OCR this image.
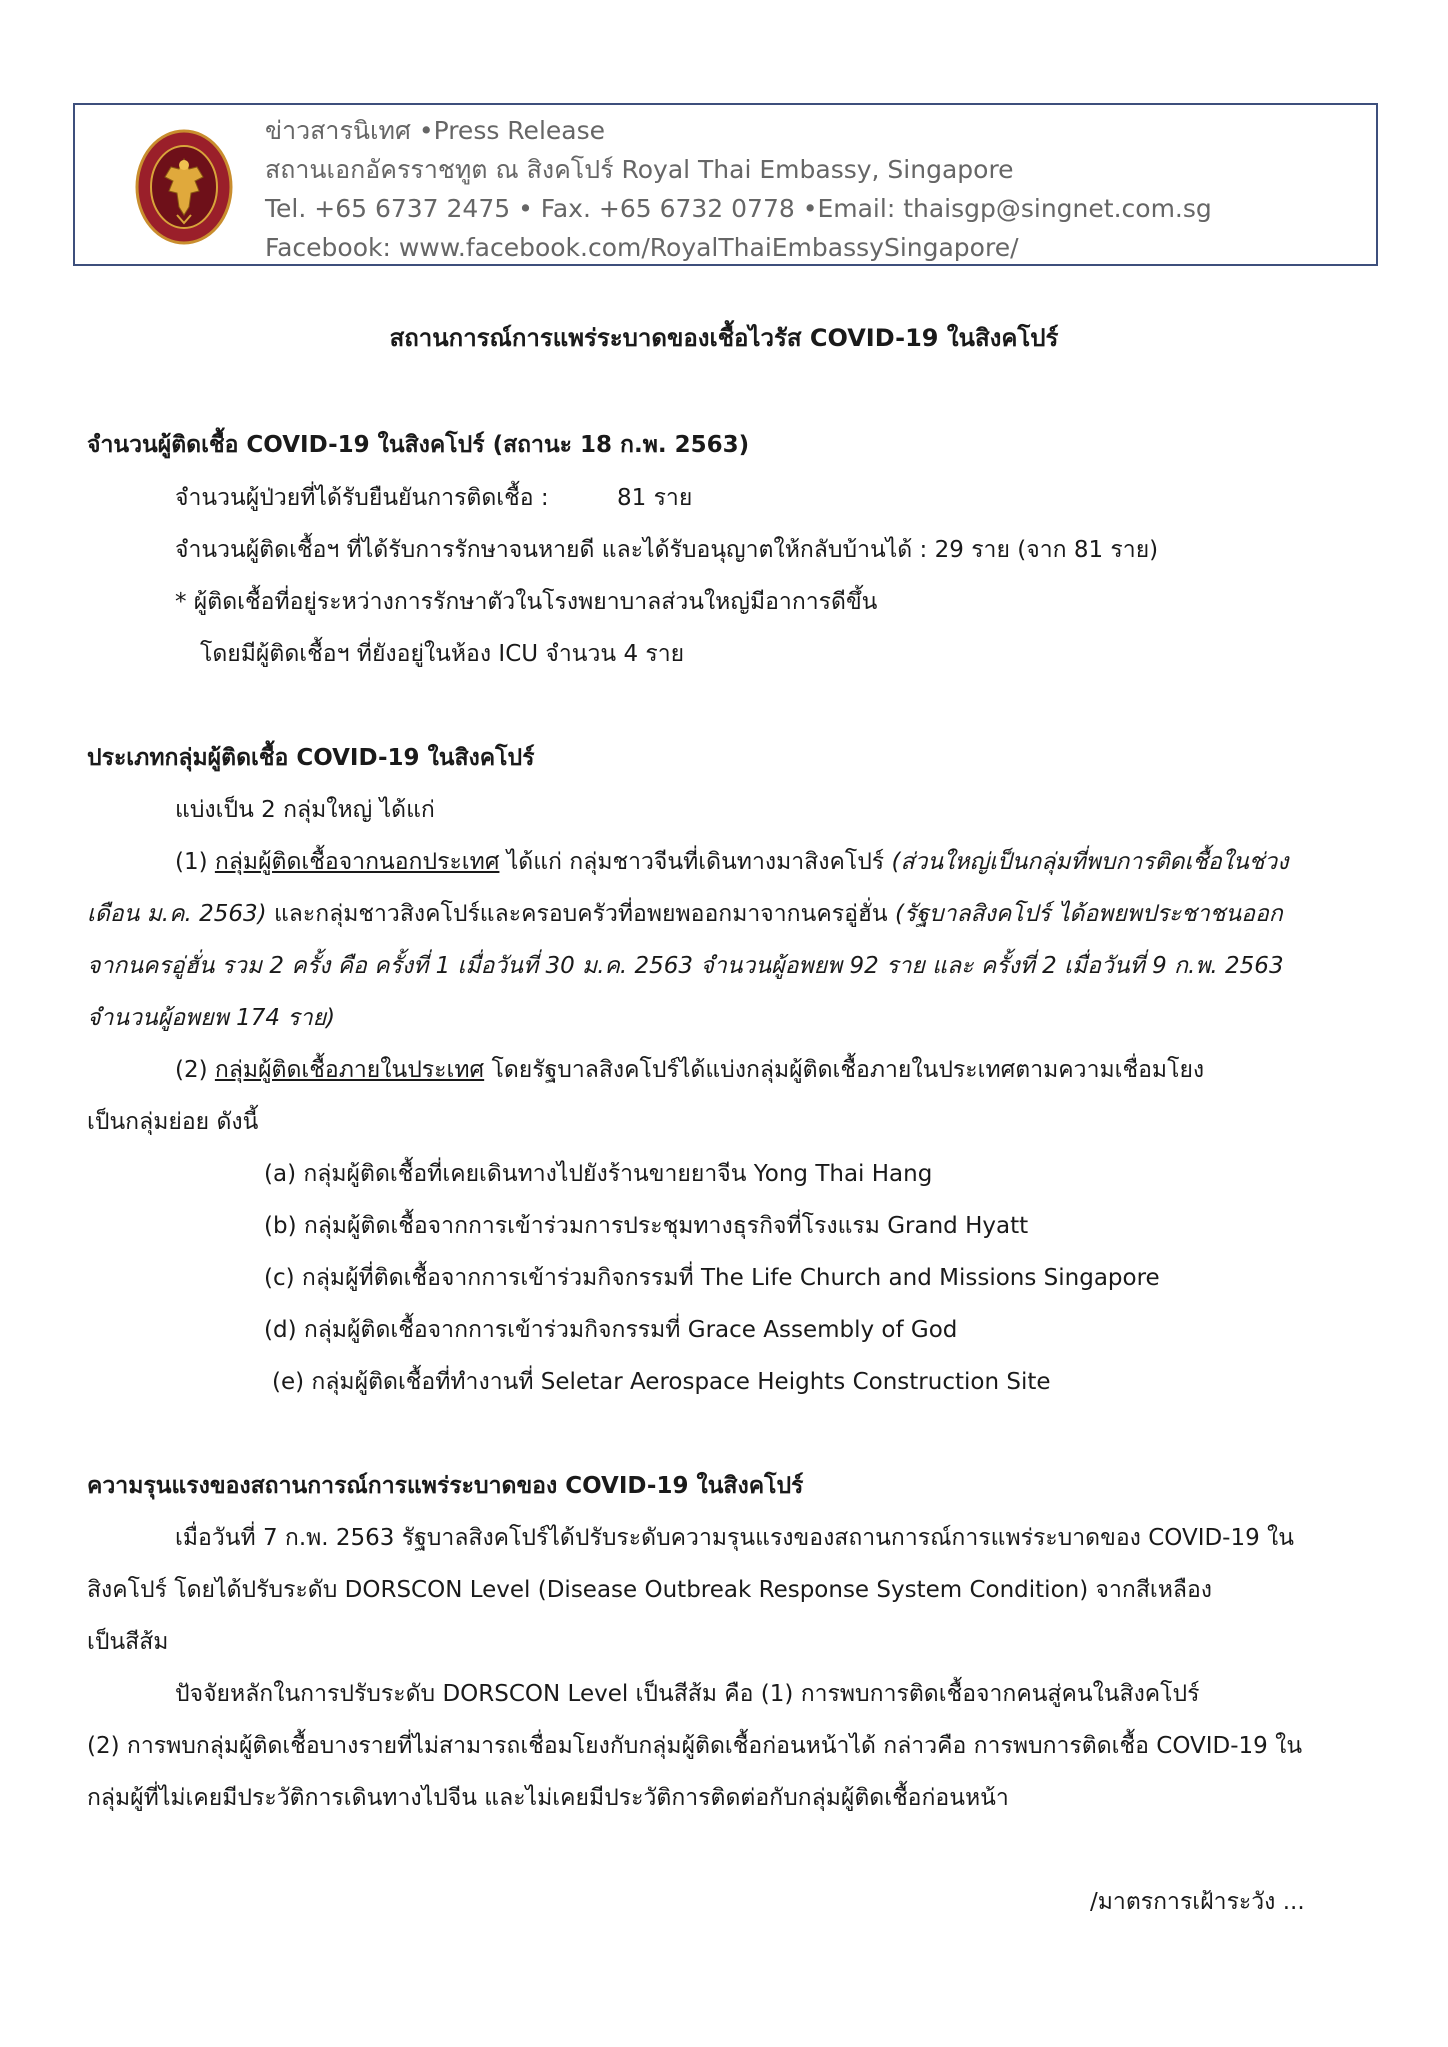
ข่าวสารนิเทศ •Press Release
สถานเอกอัครราชทูต ณ สิงคโปร์ Royal Thai Embassy, Singapore
Tel. +65 6737 2475 • Fax. +65 6732 0778 •Email: thaisgp@singnet.com.sg
Facebook: www.facebook.com/RoyalThaiEmbassySingapore/
สถานการณ์การแพร่ระบาดของเชื้อไวรัส COVID-19 ในสิงคโปร์
จำนวนผู้ติดเชื้อ COVID-19 ในสิงคโปร์ (สถานะ 18 ก.พ. 2563)
จำนวนผู้ป่วยที่ได้รับยืนยันการติดเชื้อ :	81 ราย
จำนวนผู้ติดเชื้อฯ ที่ได้รับการรักษาจนหายดี และได้รับอนุญาตให้กลับบ้านได้ : 29 ราย (จาก 81 ราย)
* ผู้ติดเชื้อที่อยู่ระหว่างการรักษาตัวในโรงพยาบาลส่วนใหญ่มีอาการดีขึ้น
โดยมีผู้ติดเชื้อฯ ที่ยังอยู่ในห้อง ICU จำนวน 4 ราย
ประเภทกลุ่มผู้ติดเชื้อ COVID-19 ในสิงคโปร์
แบ่งเป็น 2 กลุ่มใหญ่ ได้แก่
(1) กลุ่มผู้ติดเชื้อจากนอกประเทศ ได้แก่ กลุ่มชาวจีนที่เดินทางมาสิงคโปร์ (ส่วนใหญ่เป็นกลุ่มที่พบการติดเชื้อในช่วง
เดือน ม.ค. 2563) และกลุ่มชาวสิงคโปร์และครอบครัวที่อพยพออกมาจากนครอู่ฮั่น (รัฐบาลสิงคโปร์ ได้อพยพประชาชนออก
จากนครอู่ฮั่น รวม 2 ครั้ง คือ ครั้งที่ 1 เมื่อวันที่ 30 ม.ค. 2563 จำนวนผู้อพยพ 92 ราย และ ครั้งที่ 2 เมื่อวันที่ 9 ก.พ. 2563
จำนวนผู้อพยพ 174 ราย)
(2) กลุ่มผู้ติดเชื้อภายในประเทศ โดยรัฐบาลสิงคโปร์ได้แบ่งกลุ่มผู้ติดเชื้อภายในประเทศตามความเชื่อมโยง
เป็นกลุ่มย่อย ดังนี้
(a) กลุ่มผู้ติดเชื้อที่เคยเดินทางไปยังร้านขายยาจีน Yong Thai Hang
(b) กลุ่มผู้ติดเชื้อจากการเข้าร่วมการประชุมทางธุรกิจที่โรงแรม Grand Hyatt
(c) กลุ่มผู้ที่ติดเชื้อจากการเข้าร่วมกิจกรรมที่ The Life Church and Missions Singapore
(d) กลุ่มผู้ติดเชื้อจากการเข้าร่วมกิจกรรมที่ Grace Assembly of God
(e) กลุ่มผู้ติดเชื้อที่ทำงานที่ Seletar Aerospace Heights Construction Site
ความรุนแรงของสถานการณ์การแพร่ระบาดของ COVID-19 ในสิงคโปร์
เมื่อวันที่ 7 ก.พ. 2563 รัฐบาลสิงคโปร์ได้ปรับระดับความรุนแรงของสถานการณ์การแพร่ระบาดของ COVID-19 ใน
สิงคโปร์ โดยได้ปรับระดับ DORSCON Level (Disease Outbreak Response System Condition) จากสีเหลือง
เป็นสีส้ม
ปัจจัยหลักในการปรับระดับ DORSCON Level เป็นสีส้ม คือ (1) การพบการติดเชื้อจากคนสู่คนในสิงคโปร์
(2) การพบกลุ่มผู้ติดเชื้อบางรายที่ไม่สามารถเชื่อมโยงกับกลุ่มผู้ติดเชื้อก่อนหน้าได้ กล่าวคือ การพบการติดเชื้อ COVID-19 ใน
กลุ่มผู้ที่ไม่เคยมีประวัติการเดินทางไปจีน และไม่เคยมีประวัติการติดต่อกับกลุ่มผู้ติดเชื้อก่อนหน้า
/มาตรการเฝ้าระวัง ...
